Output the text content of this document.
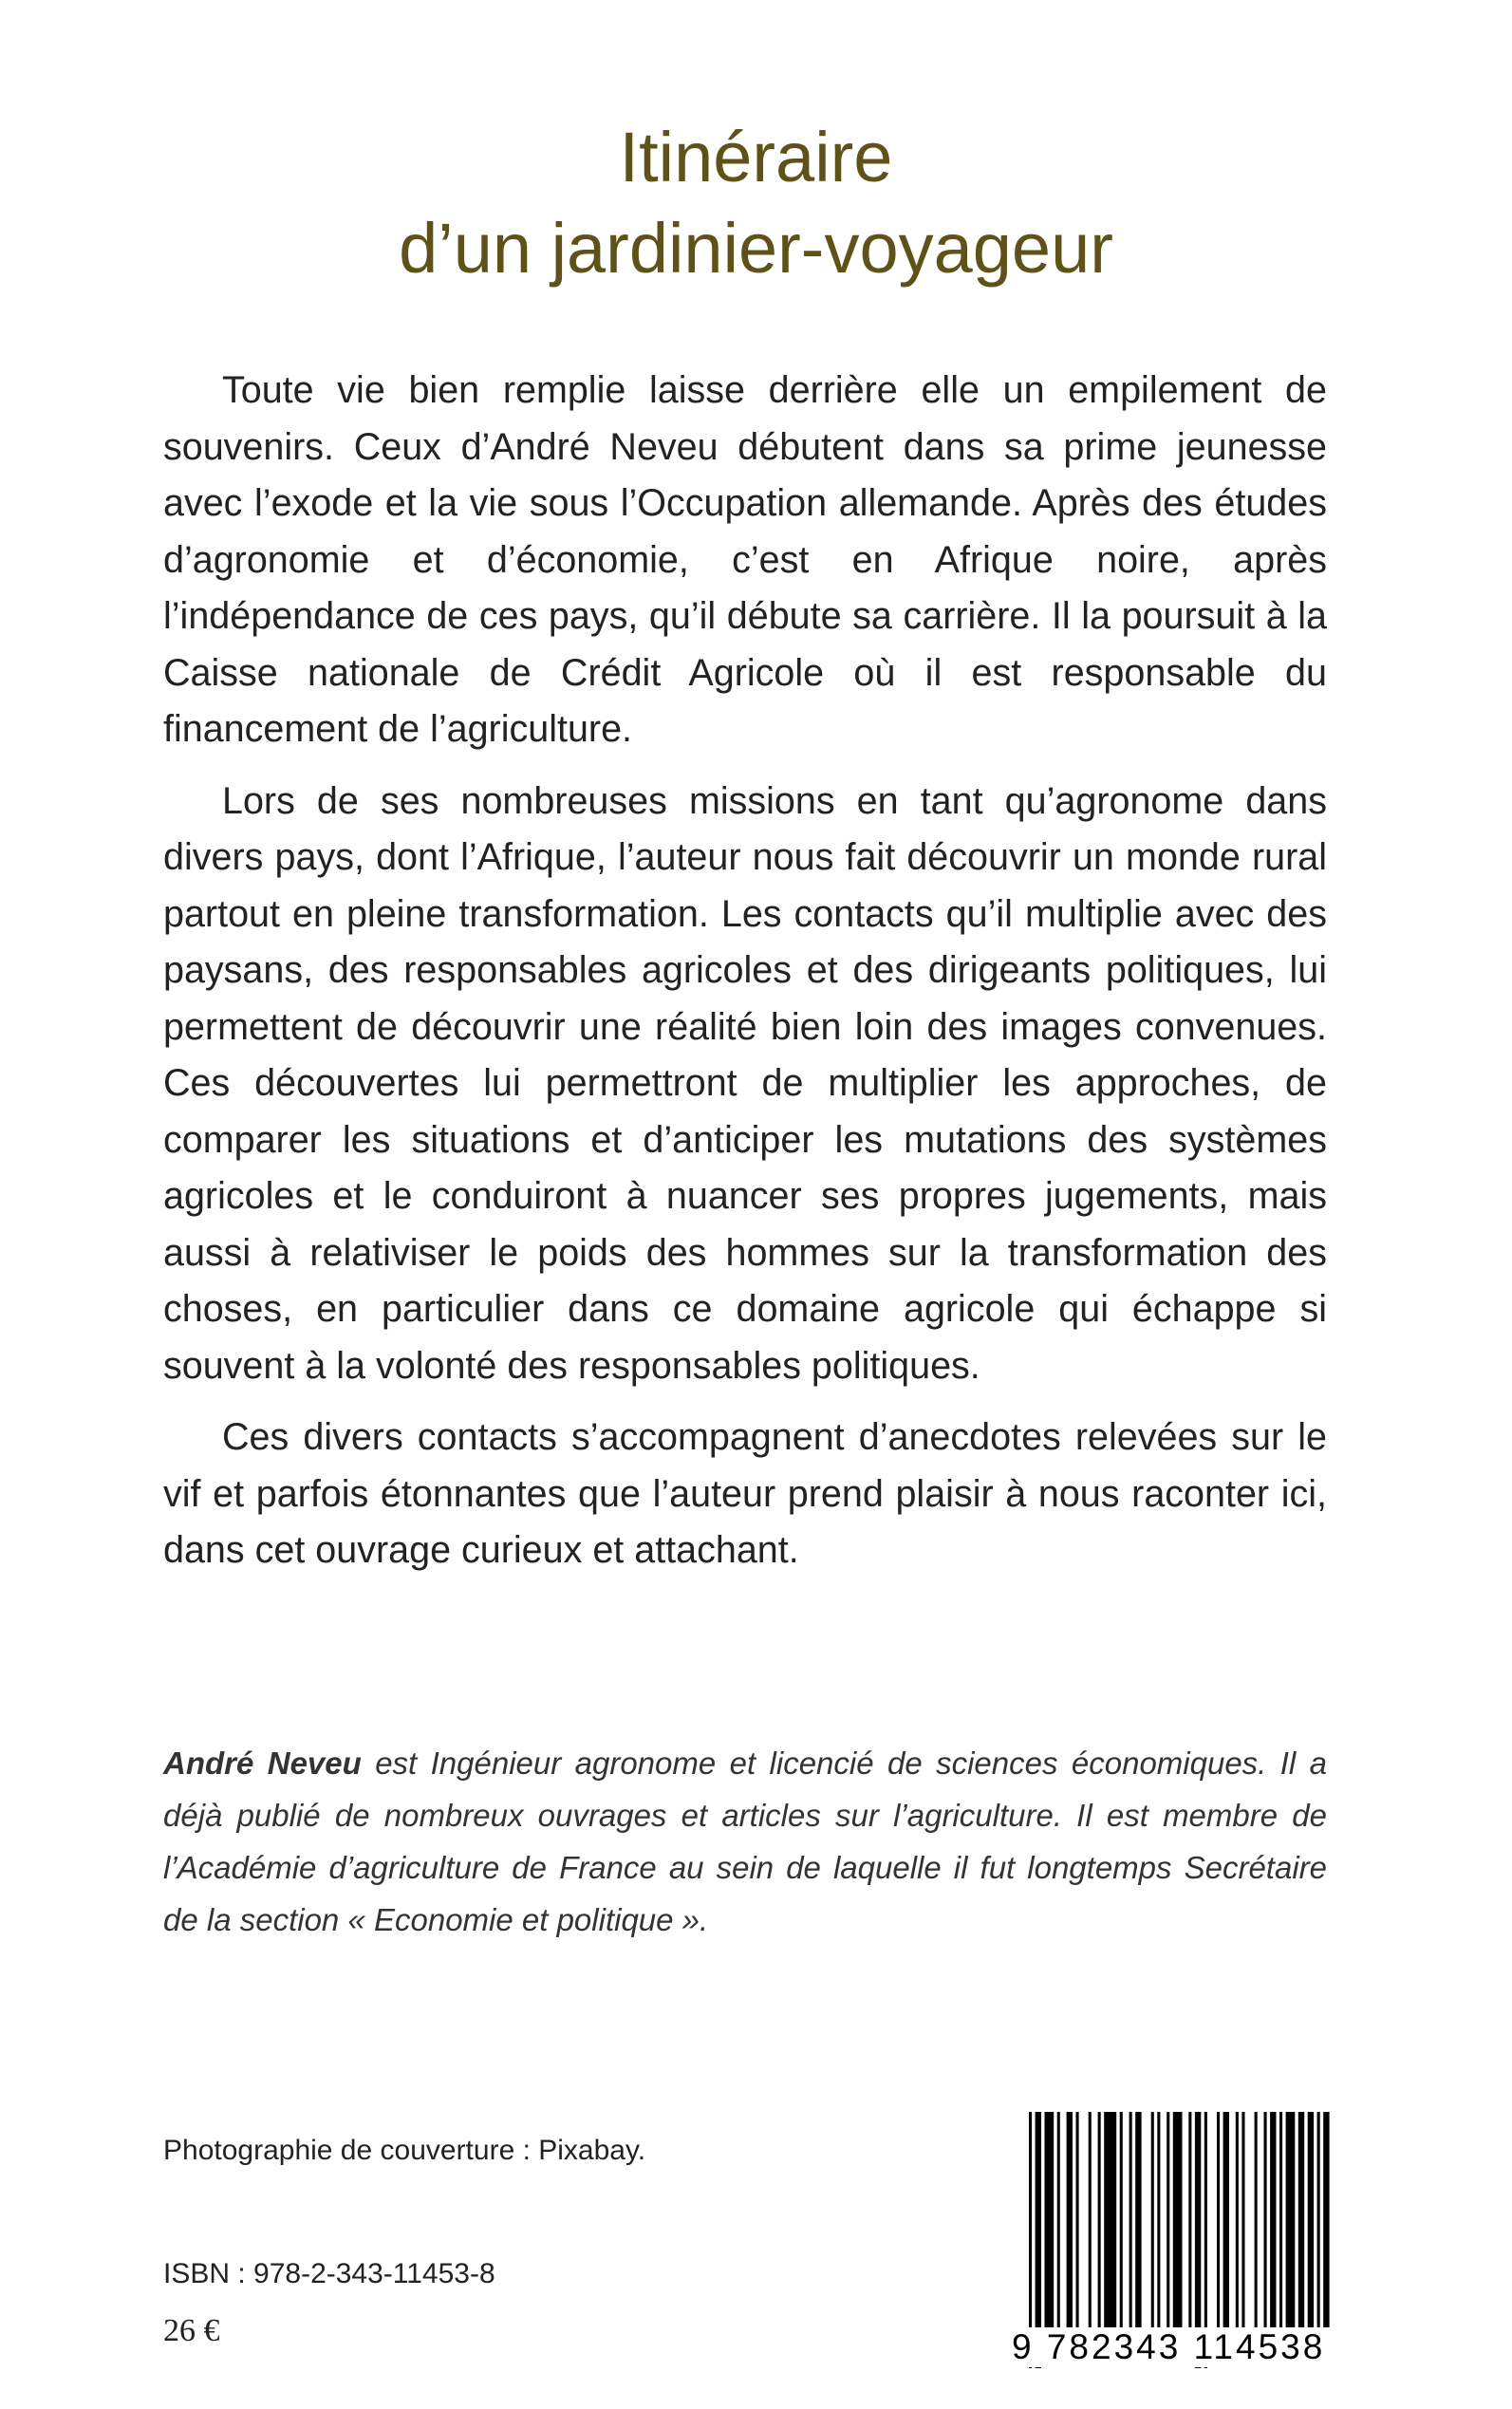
Itinéraire
d’un jardinier-voyageur

Toute vie bien remplie laisse derrière elle un empilement de souvenirs. Ceux d’André Neveu débutent dans sa prime jeunesse avec l’exode et la vie sous l’Occupation allemande. Après des études d’agronomie et d’économie, c’est en Afrique noire, après l’indépendance de ces pays, qu’il débute sa carrière. Il la poursuit à la Caisse nationale de Crédit Agricole où il est responsable du financement de l’agriculture.

Lors de ses nombreuses missions en tant qu’agronome dans divers pays, dont l’Afrique, l’auteur nous fait découvrir un monde rural partout en pleine transformation. Les contacts qu’il multiplie avec des paysans, des responsables agricoles et des dirigeants politiques, lui permettent de découvrir une réalité bien loin des images convenues. Ces découvertes lui permettront de multiplier les approches, de comparer les situations et d’anticiper les mutations des systèmes agricoles et le conduiront à nuancer ses propres jugements, mais aussi à relativiser le poids des hommes sur la transformation des choses, en particulier dans ce domaine agricole qui échappe si souvent à la volonté des responsables politiques.

Ces divers contacts s’accompagnent d’anecdotes relevées sur le vif et parfois étonnantes que l’auteur prend plaisir à nous raconter ici, dans cet ouvrage curieux et attachant.

André Neveu est Ingénieur agronome et licencié de sciences économiques. Il a déjà publié de nombreux ouvrages et articles sur l’agriculture. Il est membre de l’Académie d’agriculture de France au sein de laquelle il fut longtemps Secrétaire de la section « Economie et politique ».
Photographie de couverture : Pixabay.
ISBN : 978-2-343-11453-8
26 €	9 782343 114538
